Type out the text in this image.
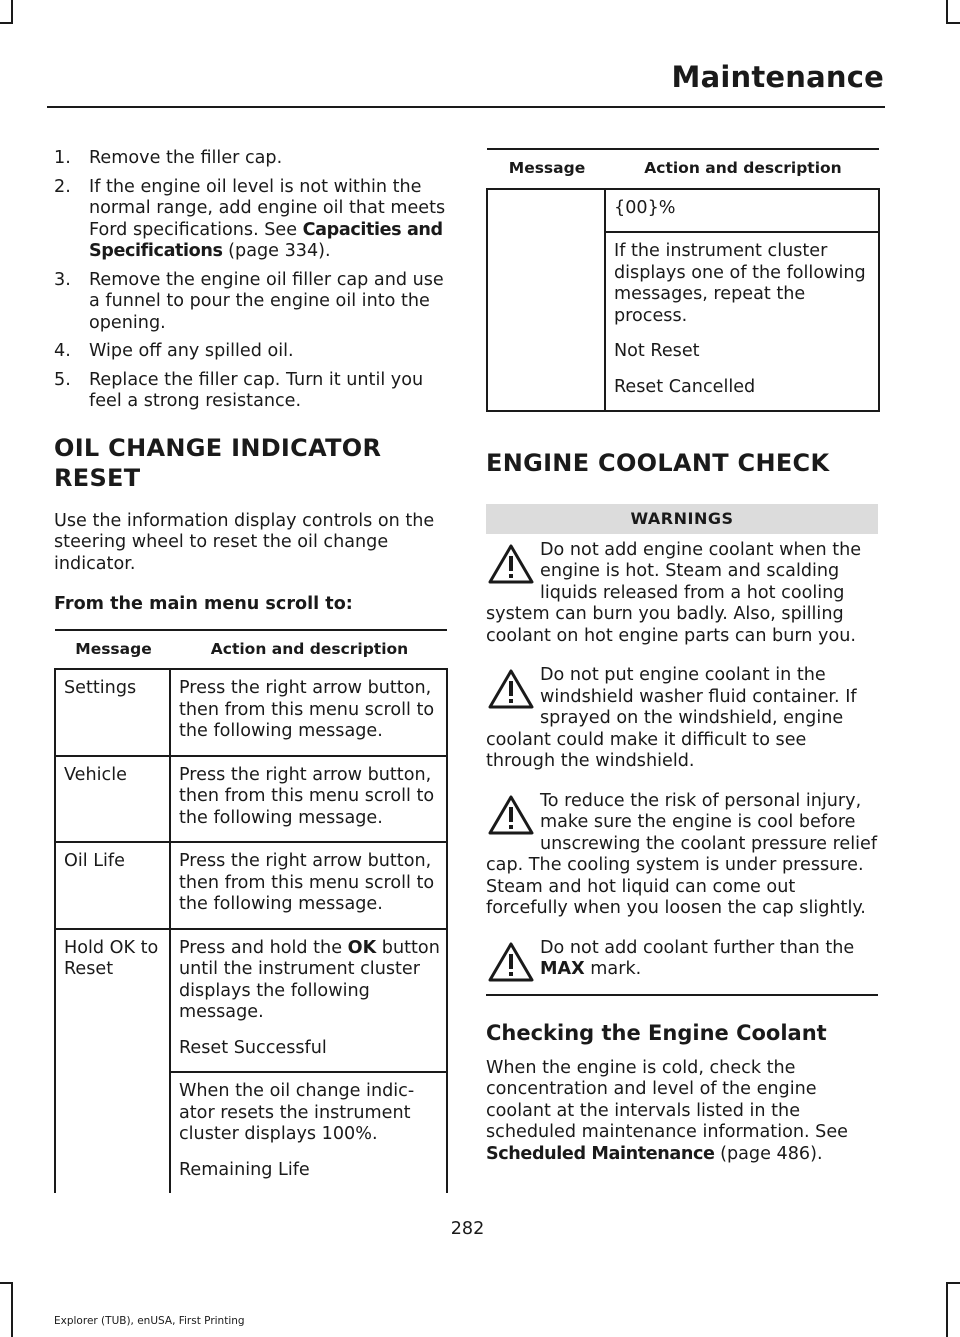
Maintenance
1. Remove the filler cap.
2. If the engine oil level is not within the normal range, add engine oil that meets Ford specifications. See Capacities and Specifications (page 334).
3. Remove the engine oil filler cap and use a funnel to pour the engine oil into the opening.
4. Wipe off any spilled oil.
5. Replace the filler cap. Turn it until you feel a strong resistance.
OIL CHANGE INDICATOR
RESET

Use the information display controls on the steering wheel to reset the oil change indicator.

From the main menu scroll to:

Message	Action and description
Settings	Press the right arrow button, then from this menu scroll to the following message.
Vehicle	Press the right arrow button, then from this menu scroll to the following message.
Oil Life	Press the right arrow button, then from this menu scroll to the following message.
Hold OK to Reset	Press and hold the OK button until the instrument cluster displays the following message.
Reset Successful

	When the oil change indic-ator resets the instrument cluster displays 100%.
Remaining Life
Message	Action and description
	{00}%

	If the instrument cluster displays one of the following messages, repeat the process.
Not Reset
Reset Cancelled
ENGINE COOLANT CHECK
WARNINGS

Do not add engine coolant when the engine is hot. Steam and scalding liquids released from a hot cooling system can burn you badly. Also, spilling coolant on hot engine parts can burn you.

Do not put engine coolant in the windshield washer fluid container. If sprayed on the windshield, engine coolant could make it difficult to see through the windshield.

To reduce the risk of personal injury, make sure the engine is cool before unscrewing the coolant pressure relief cap. The cooling system is under pressure. Steam and hot liquid can come out forcefully when you loosen the cap slightly.

Do not add coolant further than the MAX mark.

Checking the Engine Coolant

When the engine is cold, check the concentration and level of the engine coolant at the intervals listed in the scheduled maintenance information. See Scheduled Maintenance (page 486).

282
Explorer (TUB), enUSA, First Printing
